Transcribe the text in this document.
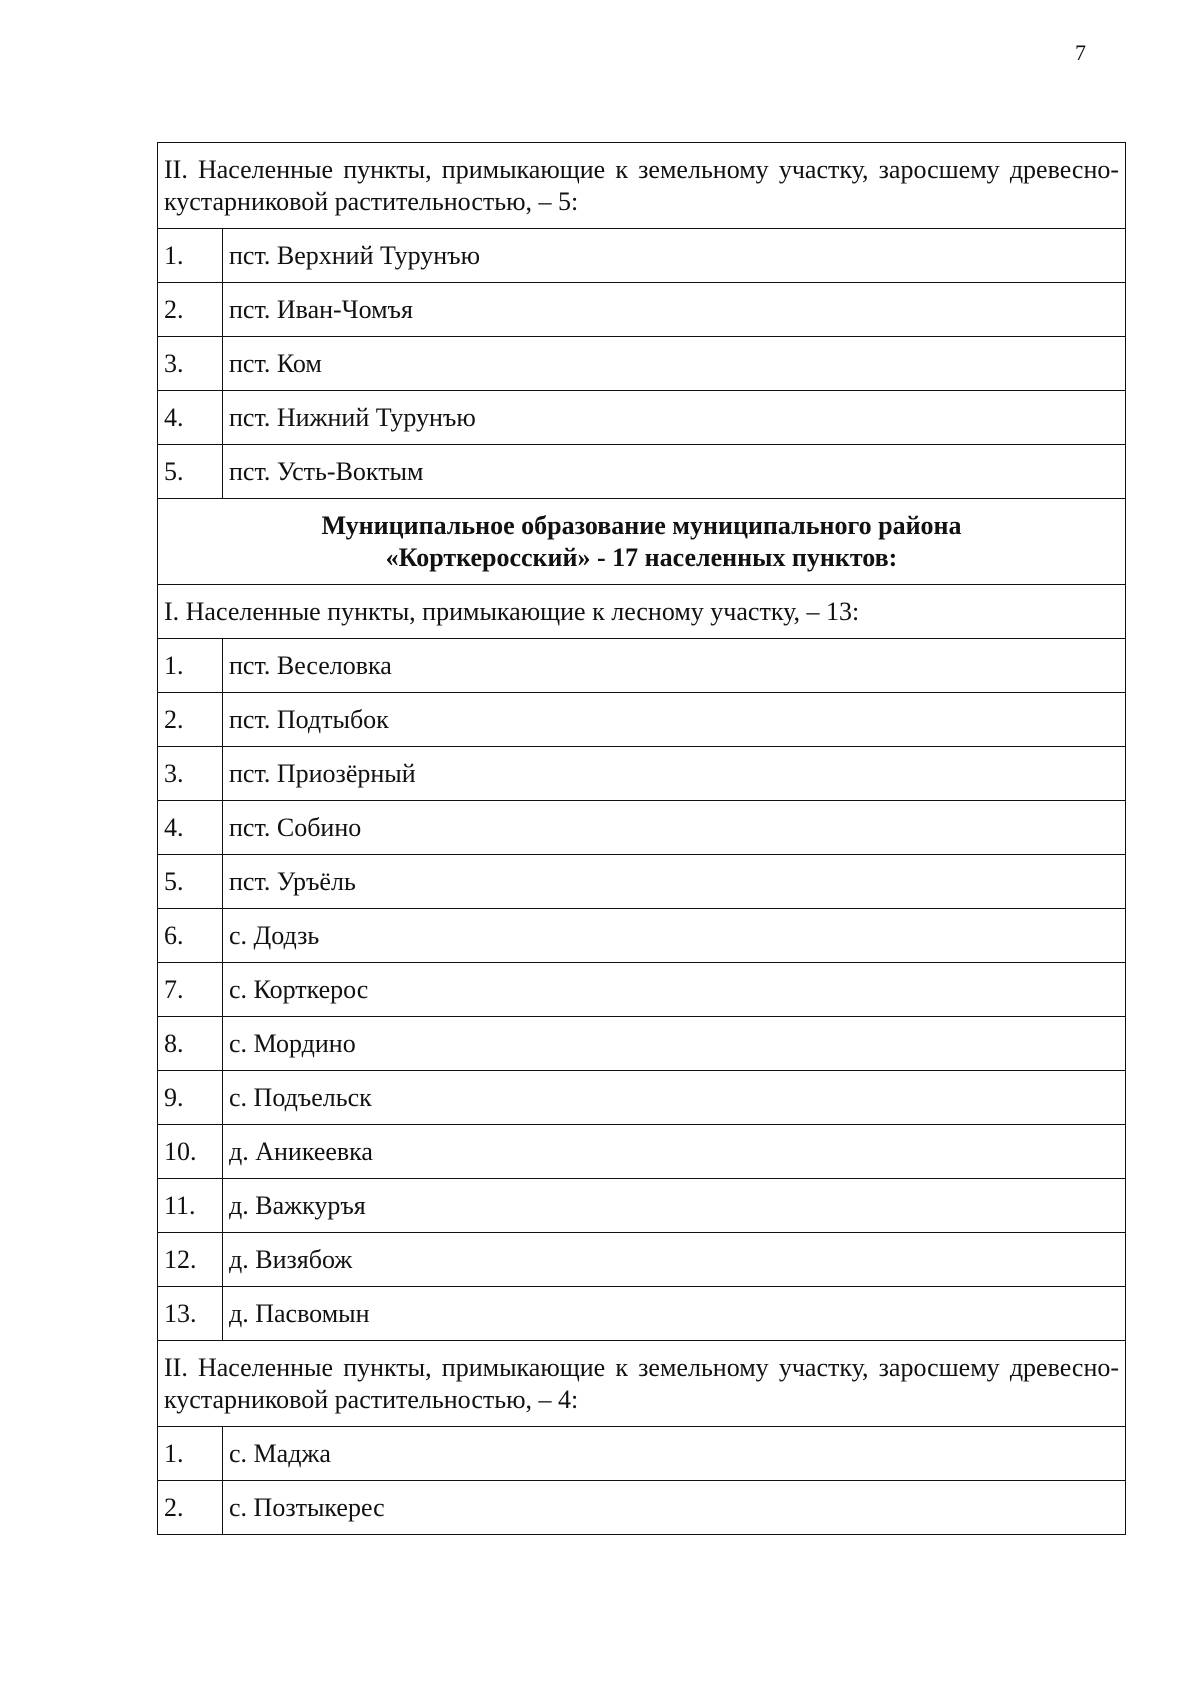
7
II. Населенные пункты, примыкающие к земельному участку, заросшему древесно-кустарниковой растительностью, – 5:	
1.	пст. Верхний Турунъю
2.	пст. Иван-Чомъя
3.	пст. Ком
4.	пст. Нижний Турунъю
5.	пст. Усть-Воктым

Муниципальное образование муниципального района
«Корткеросский» - 17 населенных пунктов:	

I. Населенные пункты, примыкающие к лесному участку, – 13:	
1.	пст. Веселовка
2.	пст. Подтыбок
3.	пст. Приозёрный
4.	пст. Собино
5.	пст. Уръёль
6.	с. Додзь
7.	с. Корткерос
8.	с. Мордино
9.	с. Подъельск
10.	д. Аникеевка
11.	д. Важкуръя
12.	д. Визябож
13.	д. Пасвомын
II. Населенные пункты, примыкающие к земельному участку, заросшему древесно-кустарниковой растительностью, – 4:	
1.	с. Маджа
2.	с. Позтыкерес
